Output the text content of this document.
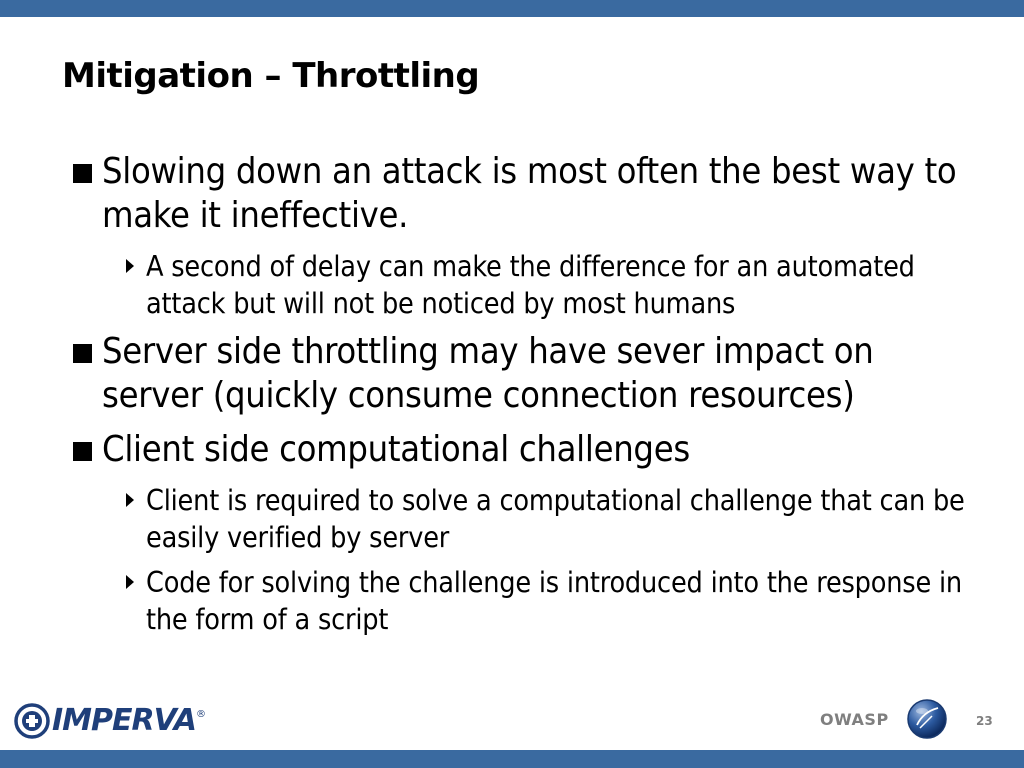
Mitigation – Throttling
Slowing down an attack is most often the best way to make it ineffective.
A second of delay can make the difference for an automated attack but will not be noticed by most humans
Server side throttling may have sever impact on server (quickly consume connection resources)
Client side computational challenges
Client is required to solve a computational challenge that can be easily verified by server
Code for solving the challenge is introduced into the response in the form of a script
IMPERVA ®	OWASP	23
